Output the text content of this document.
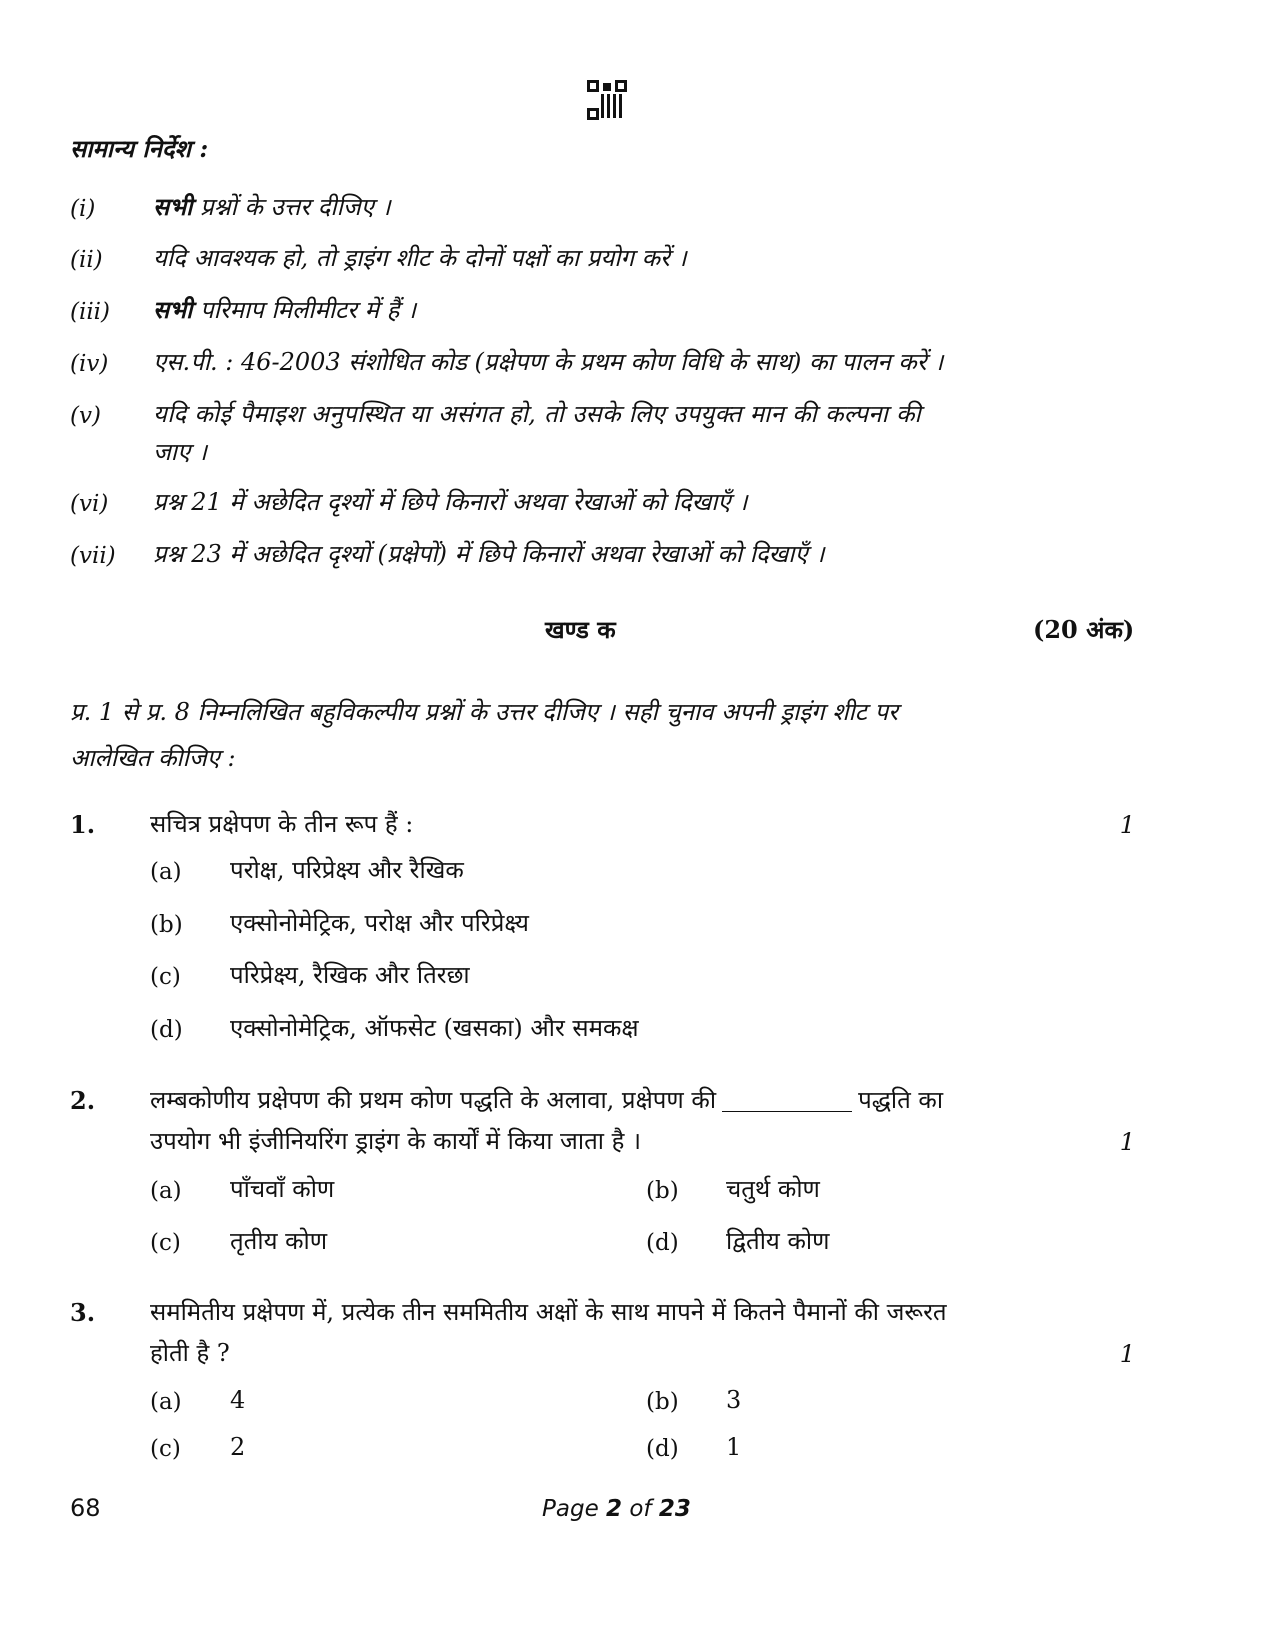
सामान्य निर्देश :
(i) सभी प्रश्नों के उत्तर दीजिए ।
(ii) यदि आवश्यक हो, तो ड्राइंग शीट के दोनों पक्षों का प्रयोग करें ।
(iii) सभी परिमाप मिलीमीटर में हैं ।
(iv) एस.पी. : 46-2003 संशोधित कोड (प्रक्षेपण के प्रथम कोण विधि के साथ) का पालन करें ।
(v) यदि कोई पैमाइश अनुपस्थित या असंगत हो, तो उसके लिए उपयुक्त मान की कल्पना की
जाए ।
(vi) प्रश्न 21 में अछेदित दृश्यों में छिपे किनारों अथवा रेखाओं को दिखाएँ ।
(vii) प्रश्न 23 में अछेदित दृश्यों (प्रक्षेपों) में छिपे किनारों अथवा रेखाओं को दिखाएँ ।
खण्ड क	(20 अंक)
प्र. 1 से प्र. 8 निम्नलिखित बहुविकल्पीय प्रश्नों के उत्तर दीजिए । सही चुनाव अपनी ड्राइंग शीट पर
आलेखित कीजिए :
1. सचित्र प्रक्षेपण के तीन रूप हैं :	1
(a) परोक्ष, परिप्रेक्ष्य और रैखिक
(b) एक्सोनोमेट्रिक, परोक्ष और परिप्रेक्ष्य
(c) परिप्रेक्ष्य, रैखिक और तिरछा
(d) एक्सोनोमेट्रिक, ऑफसेट (खसका) और समकक्ष
2. लम्बकोणीय प्रक्षेपण की प्रथम कोण पद्धति के अलावा, प्रक्षेपण की	पद्धति का
उपयोग भी इंजीनियरिंग ड्राइंग के कार्यों में किया जाता है ।	1
(a) पाँचवाँ कोण	(b) चतुर्थ कोण
(c) तृतीय कोण	(d) द्वितीय कोण
3. सममितीय प्रक्षेपण में, प्रत्येक तीन सममितीय अक्षों के साथ मापने में कितने पैमानों की जरूरत
होती है ?	1
(a) 4	(b) 3
(c) 2	(d) 1
68	Page 2 of 23
